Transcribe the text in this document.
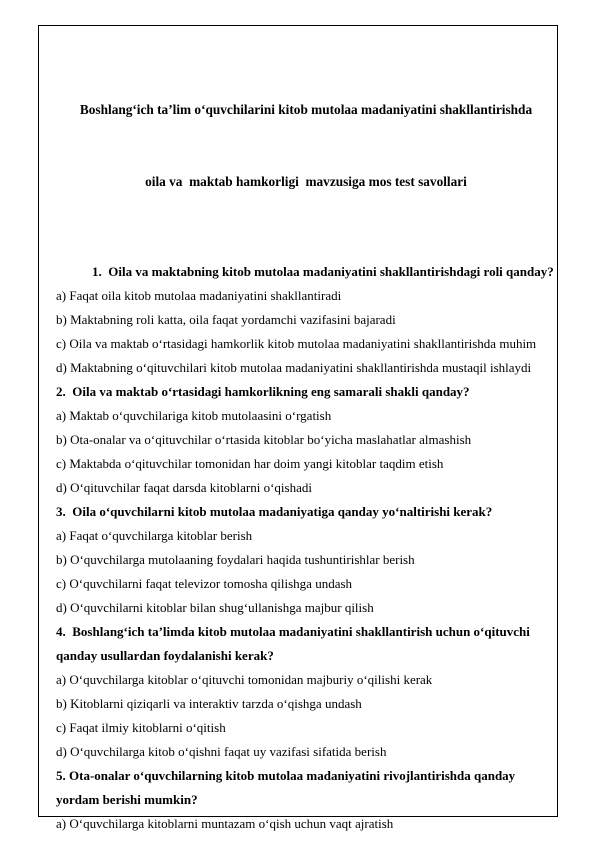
Boshlang‘ich ta’lim o‘quvchilarini kitob mutolaa madaniyatini shakllantirishda

oila va  maktab hamkorligi  mavzusiga mos test savollari

1.  Oila va maktabning kitob mutolaa madaniyatini shakllantirishdagi roli qanday?

a) Faqat oila kitob mutolaa madaniyatini shakllantiradi

b) Maktabning roli katta, oila faqat yordamchi vazifasini bajaradi

c) Oila va maktab o‘rtasidagi hamkorlik kitob mutolaa madaniyatini shakllantirishda muhim

d) Maktabning o‘qituvchilari kitob mutolaa madaniyatini shakllantirishda mustaqil ishlaydi

2.  Oila va maktab o‘rtasidagi hamkorlikning eng samarali shakli qanday?

a) Maktab o‘quvchilariga kitob mutolaasini o‘rgatish

b) Ota-onalar va o‘qituvchilar o‘rtasida kitoblar bo‘yicha maslahatlar almashish

c) Maktabda o‘qituvchilar tomonidan har doim yangi kitoblar taqdim etish

d) O‘qituvchilar faqat darsda kitoblarni o‘qishadi

3.  Oila o‘quvchilarni kitob mutolaa madaniyatiga qanday yo‘naltirishi kerak?

a) Faqat o‘quvchilarga kitoblar berish

b) O‘quvchilarga mutolaaning foydalari haqida tushuntirishlar berish

c) O‘quvchilarni faqat televizor tomosha qilishga undash

d) O‘quvchilarni kitoblar bilan shug‘ullanishga majbur qilish

4.  Boshlang‘ich ta’limda kitob mutolaa madaniyatini shakllantirish uchun o‘qituvchi qanday usullardan foydalanishi kerak?

a) O‘quvchilarga kitoblar o‘qituvchi tomonidan majburiy o‘qilishi kerak

b) Kitoblarni qiziqarli va interaktiv tarzda o‘qishga undash

c) Faqat ilmiy kitoblarni o‘qitish

d) O‘quvchilarga kitob o‘qishni faqat uy vazifasi sifatida berish

5. Ota-onalar o‘quvchilarning kitob mutolaa madaniyatini rivojlantirishda qanday yordam berishi mumkin?

a) O‘quvchilarga kitoblarni muntazam o‘qish uchun vaqt ajratish
